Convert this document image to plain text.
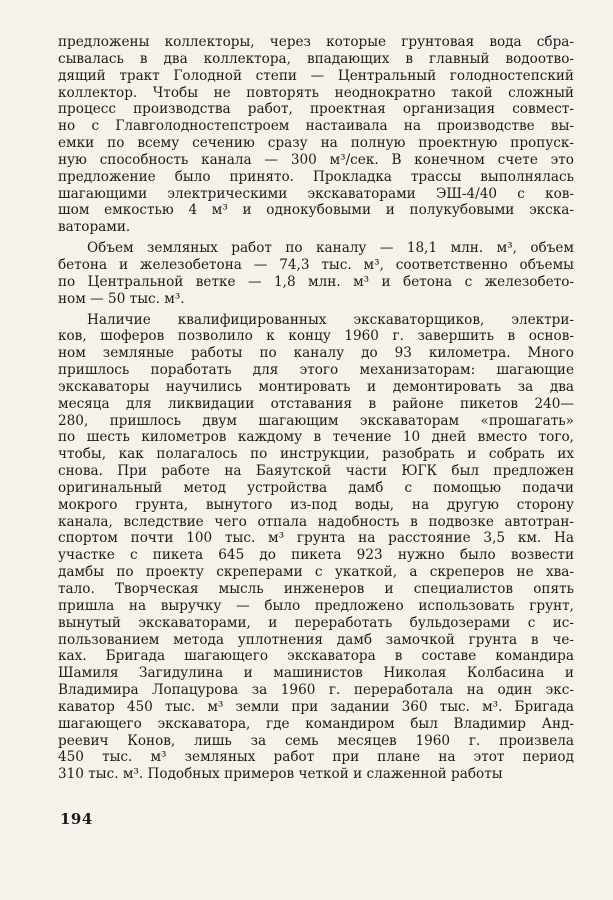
предложены коллекторы, через которые грунтовая вода сбра-
сывалась в два коллектора, впадающих в главный водоотво-
дящий тракт Голодной степи — Центральный голодностепский
коллектор. Чтобы не повторять неоднократно такой сложный
процесс производства работ, проектная организация совмест-
но с Главголодностепстроем настаивала на производстве вы-
емки по всему сечению сразу на полную проектную пропуск-
ную способность канала — 300 м³/сек. В конечном счете это
предложение было принято. Прокладка трассы выполнялась
шагающими электрическими экскаваторами ЭШ-4/40 с ков-
шом емкостью 4 м³ и однокубовыми и полукубовыми экска-
ваторами.
Объем земляных работ по каналу — 18,1 млн. м³, объем
бетона и железобетона — 74,3 тыс. м³, соответственно объемы
по Центральной ветке — 1,8 млн. м³ и бетона с железобето-
ном — 50 тыс. м³.
Наличие квалифицированных экскаваторщиков, электри-
ков, шоферов позволило к концу 1960 г. завершить в основ-
ном земляные работы по каналу до 93 километра. Много
пришлось поработать для этого механизаторам: шагающие
экскаваторы научились монтировать и демонтировать за два
месяца для ликвидации отставания в районе пикетов 240—
280, пришлось двум шагающим экскаваторам «прошагать»
по шесть километров каждому в течение 10 дней вместо того,
чтобы, как полагалось по инструкции, разобрать и собрать их
снова. При работе на Баяутской части ЮГК был предложен
оригинальный метод устройства дамб с помощью подачи
мокрого грунта, вынутого из-под воды, на другую сторону
канала, вследствие чего отпала надобность в подвозке автотран-
спортом почти 100 тыс. м³ грунта на расстояние 3,5 км. На
участке с пикета 645 до пикета 923 нужно было возвести
дамбы по проекту скреперами с укаткой, а скреперов не хва-
тало. Творческая мысль инженеров и специалистов опять
пришла на выручку — было предложено использовать грунт,
вынутый экскаваторами, и переработать бульдозерами с ис-
пользованием метода уплотнения дамб замочкой грунта в че-
ках. Бригада шагающего экскаватора в составе командира
Шамиля Загидулина и машинистов Николая Колбасина и
Владимира Лопацурова за 1960 г. переработала на один экс-
каватор 450 тыс. м³ земли при задании 360 тыс. м³. Бригада
шагающего экскаватора, где командиром был Владимир Анд-
реевич Конов, лишь за семь месяцев 1960 г. произвела
450 тыс. м³ земляных работ при плане на этот период
310 тыс. м³. Подобных примеров четкой и слаженной работы
194
